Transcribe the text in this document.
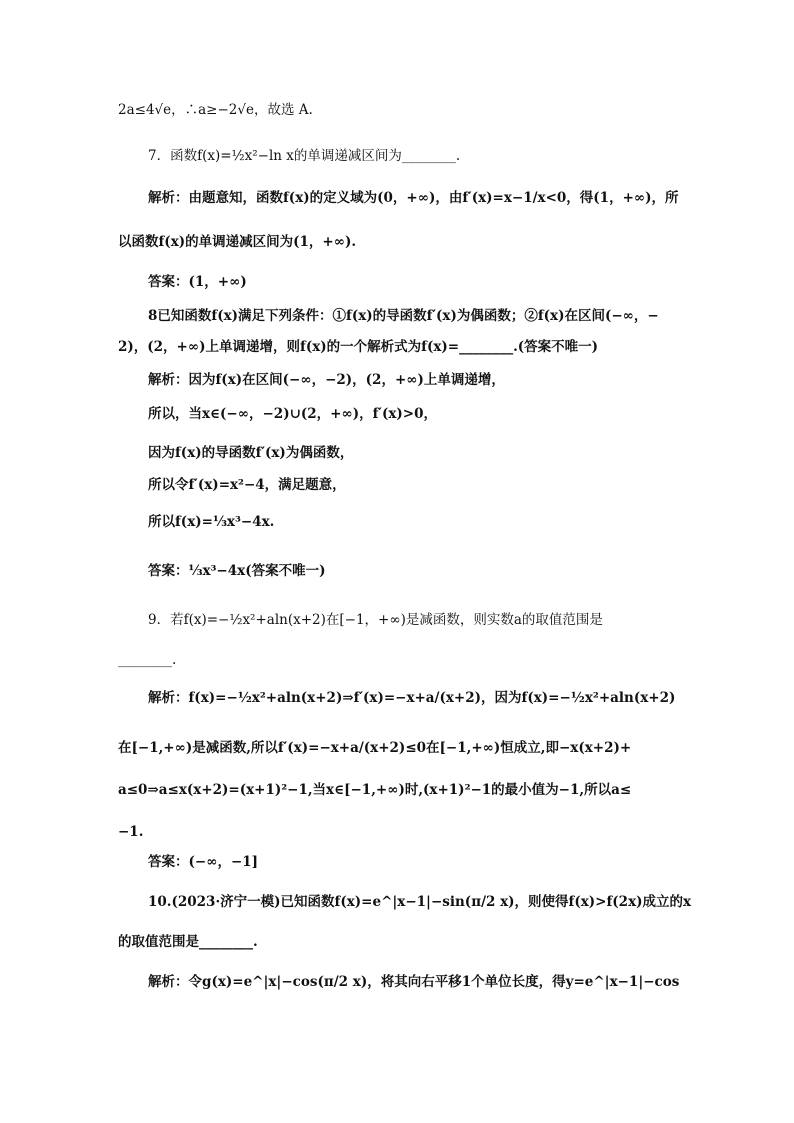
2a≤4√e，∴a≥−2√e，故选 A.
7．函数f(x)=½x²−ln x的单调递减区间为________.
解析：由题意知，函数f(x)的定义域为(0，+∞)，由f′(x)=x−1/x<0，得(1，+∞)，所
以函数f(x)的单调递减区间为(1，+∞).
答案：(1，+∞)
8已知函数f(x)满足下列条件：①f(x)的导函数f′(x)为偶函数；②f(x)在区间(−∞，−
2)，(2，+∞)上单调递增，则f(x)的一个解析式为f(x)=________.(答案不唯一)
解析：因为f(x)在区间(−∞，−2)，(2，+∞)上单调递增，
所以，当x∈(−∞，−2)∪(2，+∞)，f′(x)>0，
因为f(x)的导函数f′(x)为偶函数，
所以令f′(x)=x²−4，满足题意，
所以f(x)=⅓x³−4x.
答案：⅓x³−4x(答案不唯一)
9．若f(x)=−½x²+aln(x+2)在[−1，+∞)是减函数，则实数a的取值范围是
________.
解析：f(x)=−½x²+aln(x+2)⇒f′(x)=−x+a/(x+2)，因为f(x)=−½x²+aln(x+2)
在[−1,+∞)是减函数,所以f′(x)=−x+a/(x+2)≤0在[−1,+∞)恒成立,即−x(x+2)+
a≤0⇒a≤x(x+2)=(x+1)²−1,当x∈[−1,+∞)时,(x+1)²−1的最小值为−1,所以a≤
−1.
答案：(−∞，−1]
10.(2023·济宁一模)已知函数f(x)=e^|x−1|−sin(π/2 x)，则使得f(x)>f(2x)成立的x
的取值范围是________.
解析：令g(x)=e^|x|−cos(π/2 x)，将其向右平移1个单位长度，得y=e^|x−1|−cos
